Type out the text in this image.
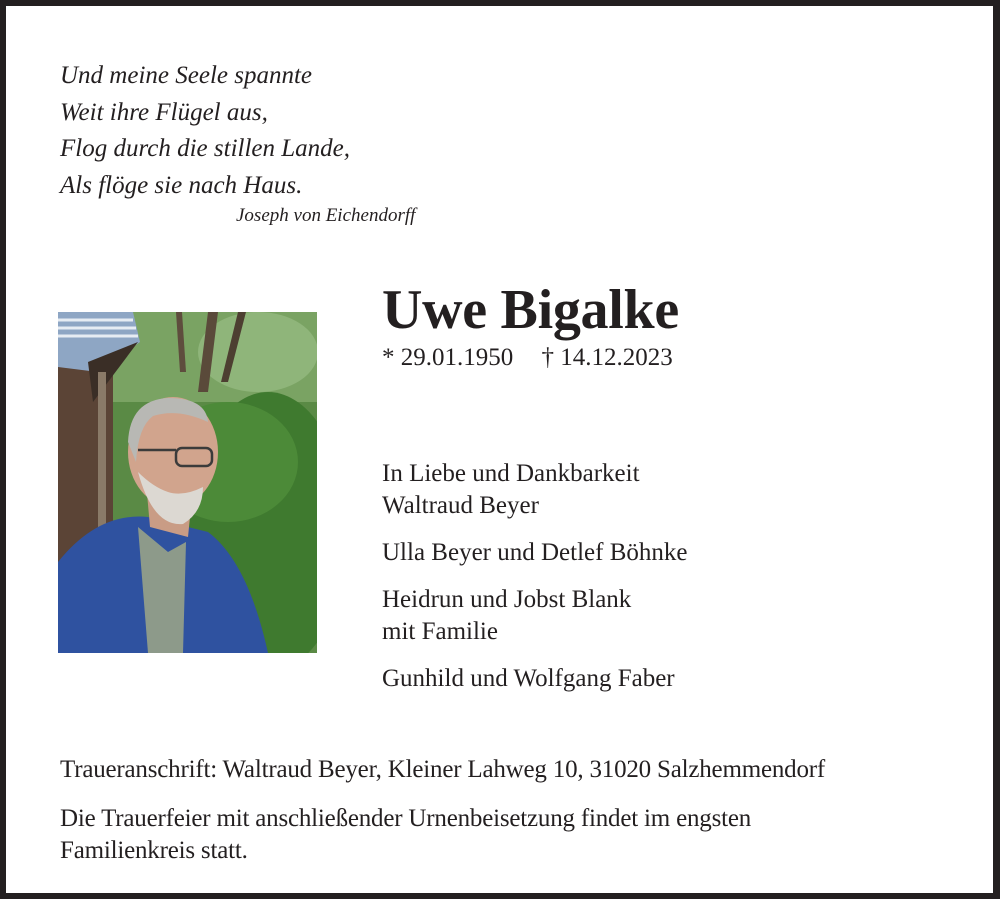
Und meine Seele spannte
Weit ihre Flügel aus,
Flog durch die stillen Lande,
Als flöge sie nach Haus.
Joseph von Eichendorff
Uwe Bigalke
* 29.01.1950 † 14.12.2023
In Liebe und Dankbarkeit
Waltraud Beyer
Ulla Beyer und Detlef Böhnke
Heidrun und Jobst Blank
mit Familie
Gunhild und Wolfgang Faber
Traueranschrift: Waltraud Beyer, Kleiner Lahweg 10, 31020 Salzhemmendorf
Die Trauerfeier mit anschließender Urnenbeisetzung findet im engsten
Familienkreis statt.
